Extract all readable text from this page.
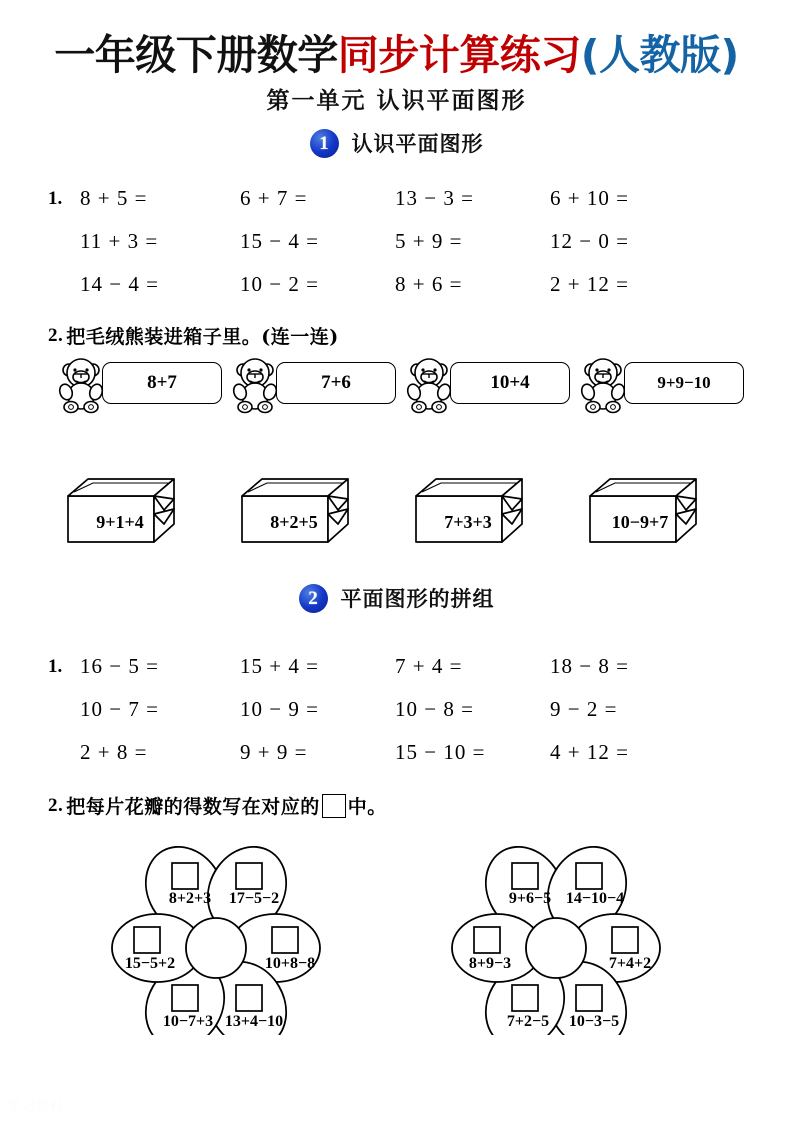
一年级下册数学同步计算练习(人教版)
第一单元 认识平面图形
1	认识平面图形
1. 8 + 5 =	6 + 7 =	13 − 3 =	6 + 10 =
11 + 3 =	15 − 4 =	5 + 9 =	12 − 0 =
14 − 4 =	10 − 2 =	8 + 6 =	2 + 12 =
2. 把毛绒熊装进箱子里。(连一连)
8+7	7+6	10+4	9+9−10
9+1+4	8+2+5	7+3+3	10−9+7
2	平面图形的拼组
1. 16 − 5 =	15 + 4 =	7 + 4 =	18 − 8 =
10 − 7 =	10 − 9 =	10 − 8 =	9 − 2 =
2 + 8 =	9 + 9 =	15 − 10 =	4 + 12 =
2. 把每片花瓣的得数写在对应的 中。
8+2+3	17−5−2
10+8−8
13+4−10
10−7+3
15−5+2
9+6−5 14−10−4
7+4+2
10−3−5
7+2−5
8+9−3
学习资料
